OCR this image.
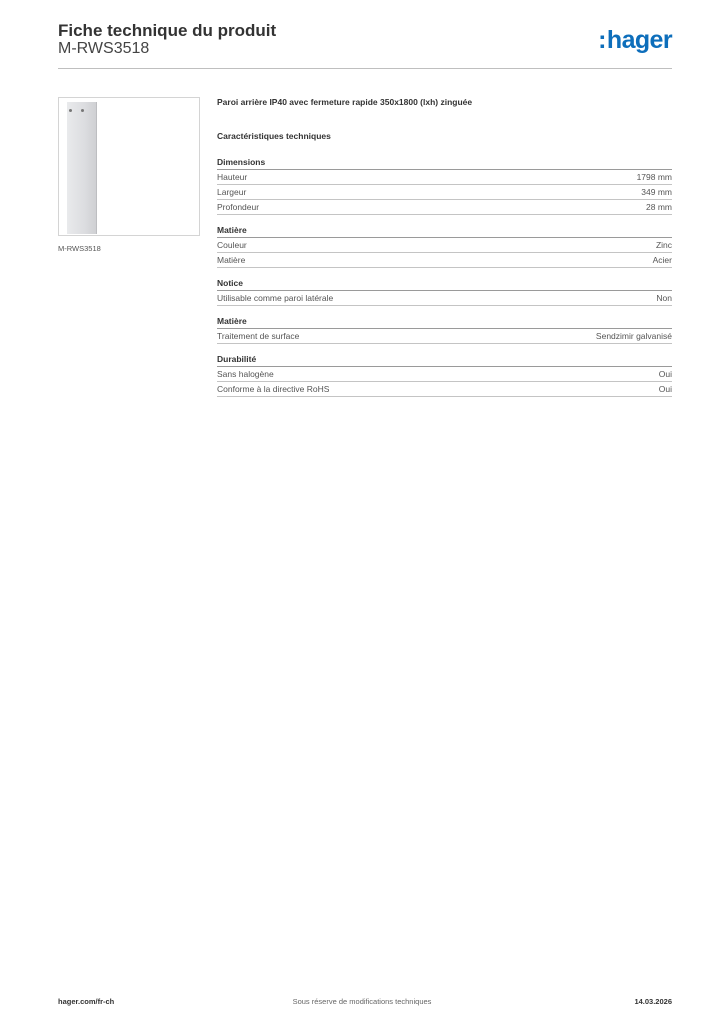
Fiche technique du produit
M-RWS3518	:hager
M-RWS3518

Paroi arrière IP40 avec fermeture rapide 350x1800 (lxh) zinguée

Caractéristiques techniques
Dimensions
Hauteur	1798 mm
Largeur	349 mm
Profondeur	28 mm
Matière
Couleur	Zinc
Matière	Acier
Notice
Utilisable comme paroi latérale	Non
Matière
Traitement de surface	Sendzimir galvanisé
Durabilité
Sans halogène	Oui
Conforme à la directive RoHS	Oui
hager.com/fr-ch	Sous réserve de modifications techniques	14.03.2026
